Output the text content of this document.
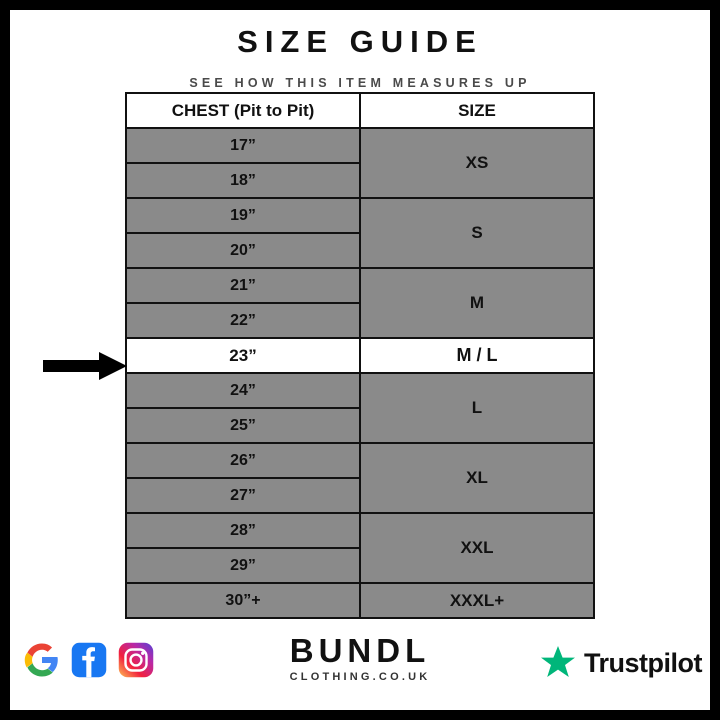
SIZE GUIDE
SEE HOW THIS ITEM MEASURES UP
CHEST (Pit to Pit)	SIZE
17”	XS
18”	
19”	S
20”	
21”	M
22”	
23”	M / L
24”	L
25”	
26”	XL
27”	
28”	XXL
29”	
30”+	XXXL+
BUNDL
CLOTHING.CO.UK	Trustpilot
